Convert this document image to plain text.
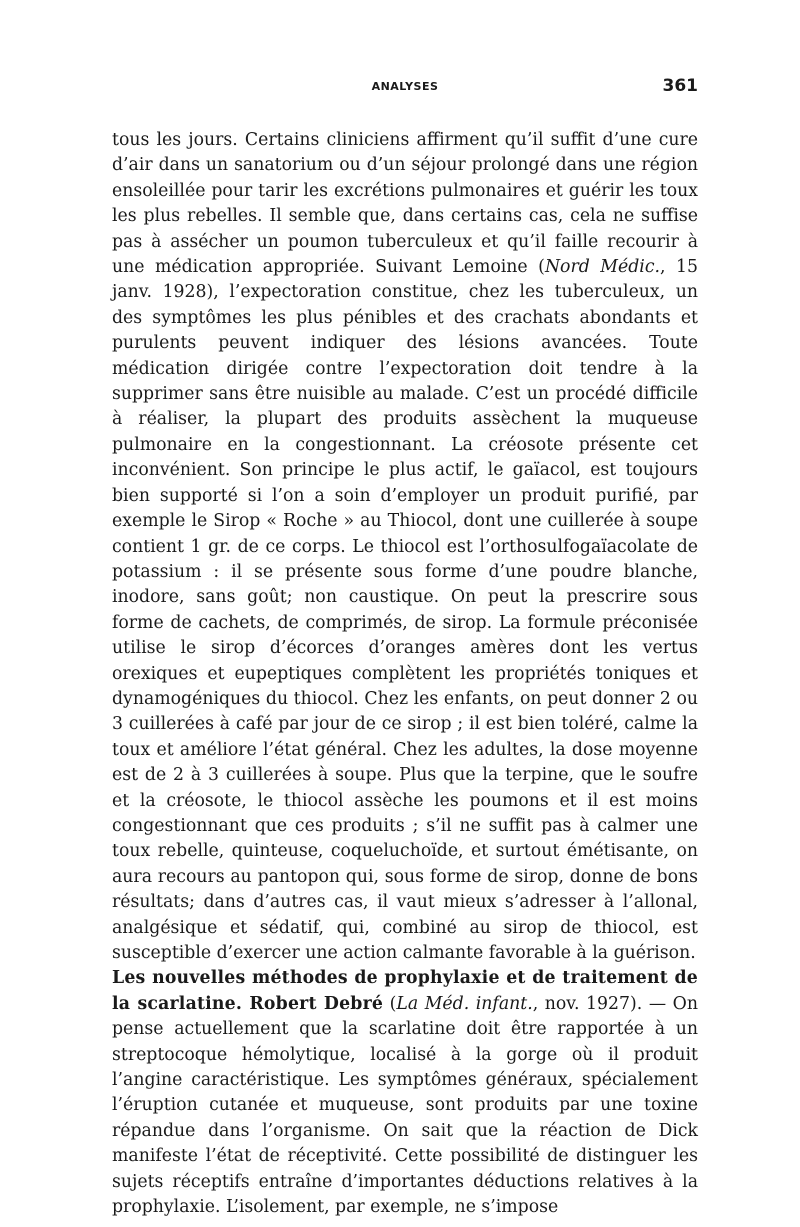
ANALYSES	361

tous les jours. Certains cliniciens affirment qu’il suffit d’une cure d’air dans un sanatorium ou d’un séjour prolongé dans une région ensoleillée pour tarir les excrétions pulmonaires et guérir les toux les plus rebelles. Il semble que, dans certains cas, cela ne suffise pas à assécher un poumon tuberculeux et qu’il faille recourir à une médication appropriée. Suivant Lemoine (Nord Médic., 15 janv. 1928), l’expectoration constitue, chez les tuberculeux, un des symptômes les plus pénibles et des crachats abondants et purulents peuvent indiquer des lésions avancées. Toute médication dirigée contre l’expectoration doit tendre à la supprimer sans être nuisible au malade. C’est un procédé difficile à réaliser, la plupart des produits assèchent la muqueuse pulmonaire en la congestionnant. La créosote présente cet inconvénient. Son principe le plus actif, le gaïacol, est toujours bien supporté si l’on a soin d’employer un produit purifié, par exemple le Sirop « Roche » au Thiocol, dont une cuillerée à soupe contient 1 gr. de ce corps. Le thiocol est l’orthosulfogaïacolate de potassium : il se présente sous forme d’une poudre blanche, inodore, sans goût; non caustique. On peut la prescrire sous forme de cachets, de comprimés, de sirop. La formule préconisée utilise le sirop d’écorces d’oranges amères dont les vertus orexiques et eupeptiques complètent les propriétés toniques et dynamogéniques du thiocol. Chez les enfants, on peut donner 2 ou 3 cuillerées à café par jour de ce sirop ; il est bien toléré, calme la toux et améliore l’état général. Chez les adultes, la dose moyenne est de 2 à 3 cuillerées à soupe. Plus que la terpine, que le soufre et la créosote, le thiocol assèche les poumons et il est moins congestionnant que ces produits ; s’il ne suffit pas à calmer une toux rebelle, quinteuse, coqueluchoïde, et surtout émétisante, on aura recours au pantopon qui, sous forme de sirop, donne de bons résultats; dans d’autres cas, il vaut mieux s’adresser à l’allonal, analgésique et sédatif, qui, combiné au sirop de thiocol, est susceptible d’exercer une action calmante favorable à la guérison.

Les nouvelles méthodes de prophylaxie et de traitement de la scarlatine. Robert Debré (La Méd. infant., nov. 1927). — On pense actuellement que la scarlatine doit être rapportée à un streptocoque hémolytique, localisé à la gorge où il produit l’angine caractéristique. Les symptômes généraux, spécialement l’éruption cutanée et muqueuse, sont produits par une toxine répandue dans l’organisme. On sait que la réaction de Dick manifeste l’état de réceptivité. Cette possibilité de distinguer les sujets réceptifs entraîne d’importantes déductions relatives à la prophylaxie. L’isolement, par exemple, ne s’impose
